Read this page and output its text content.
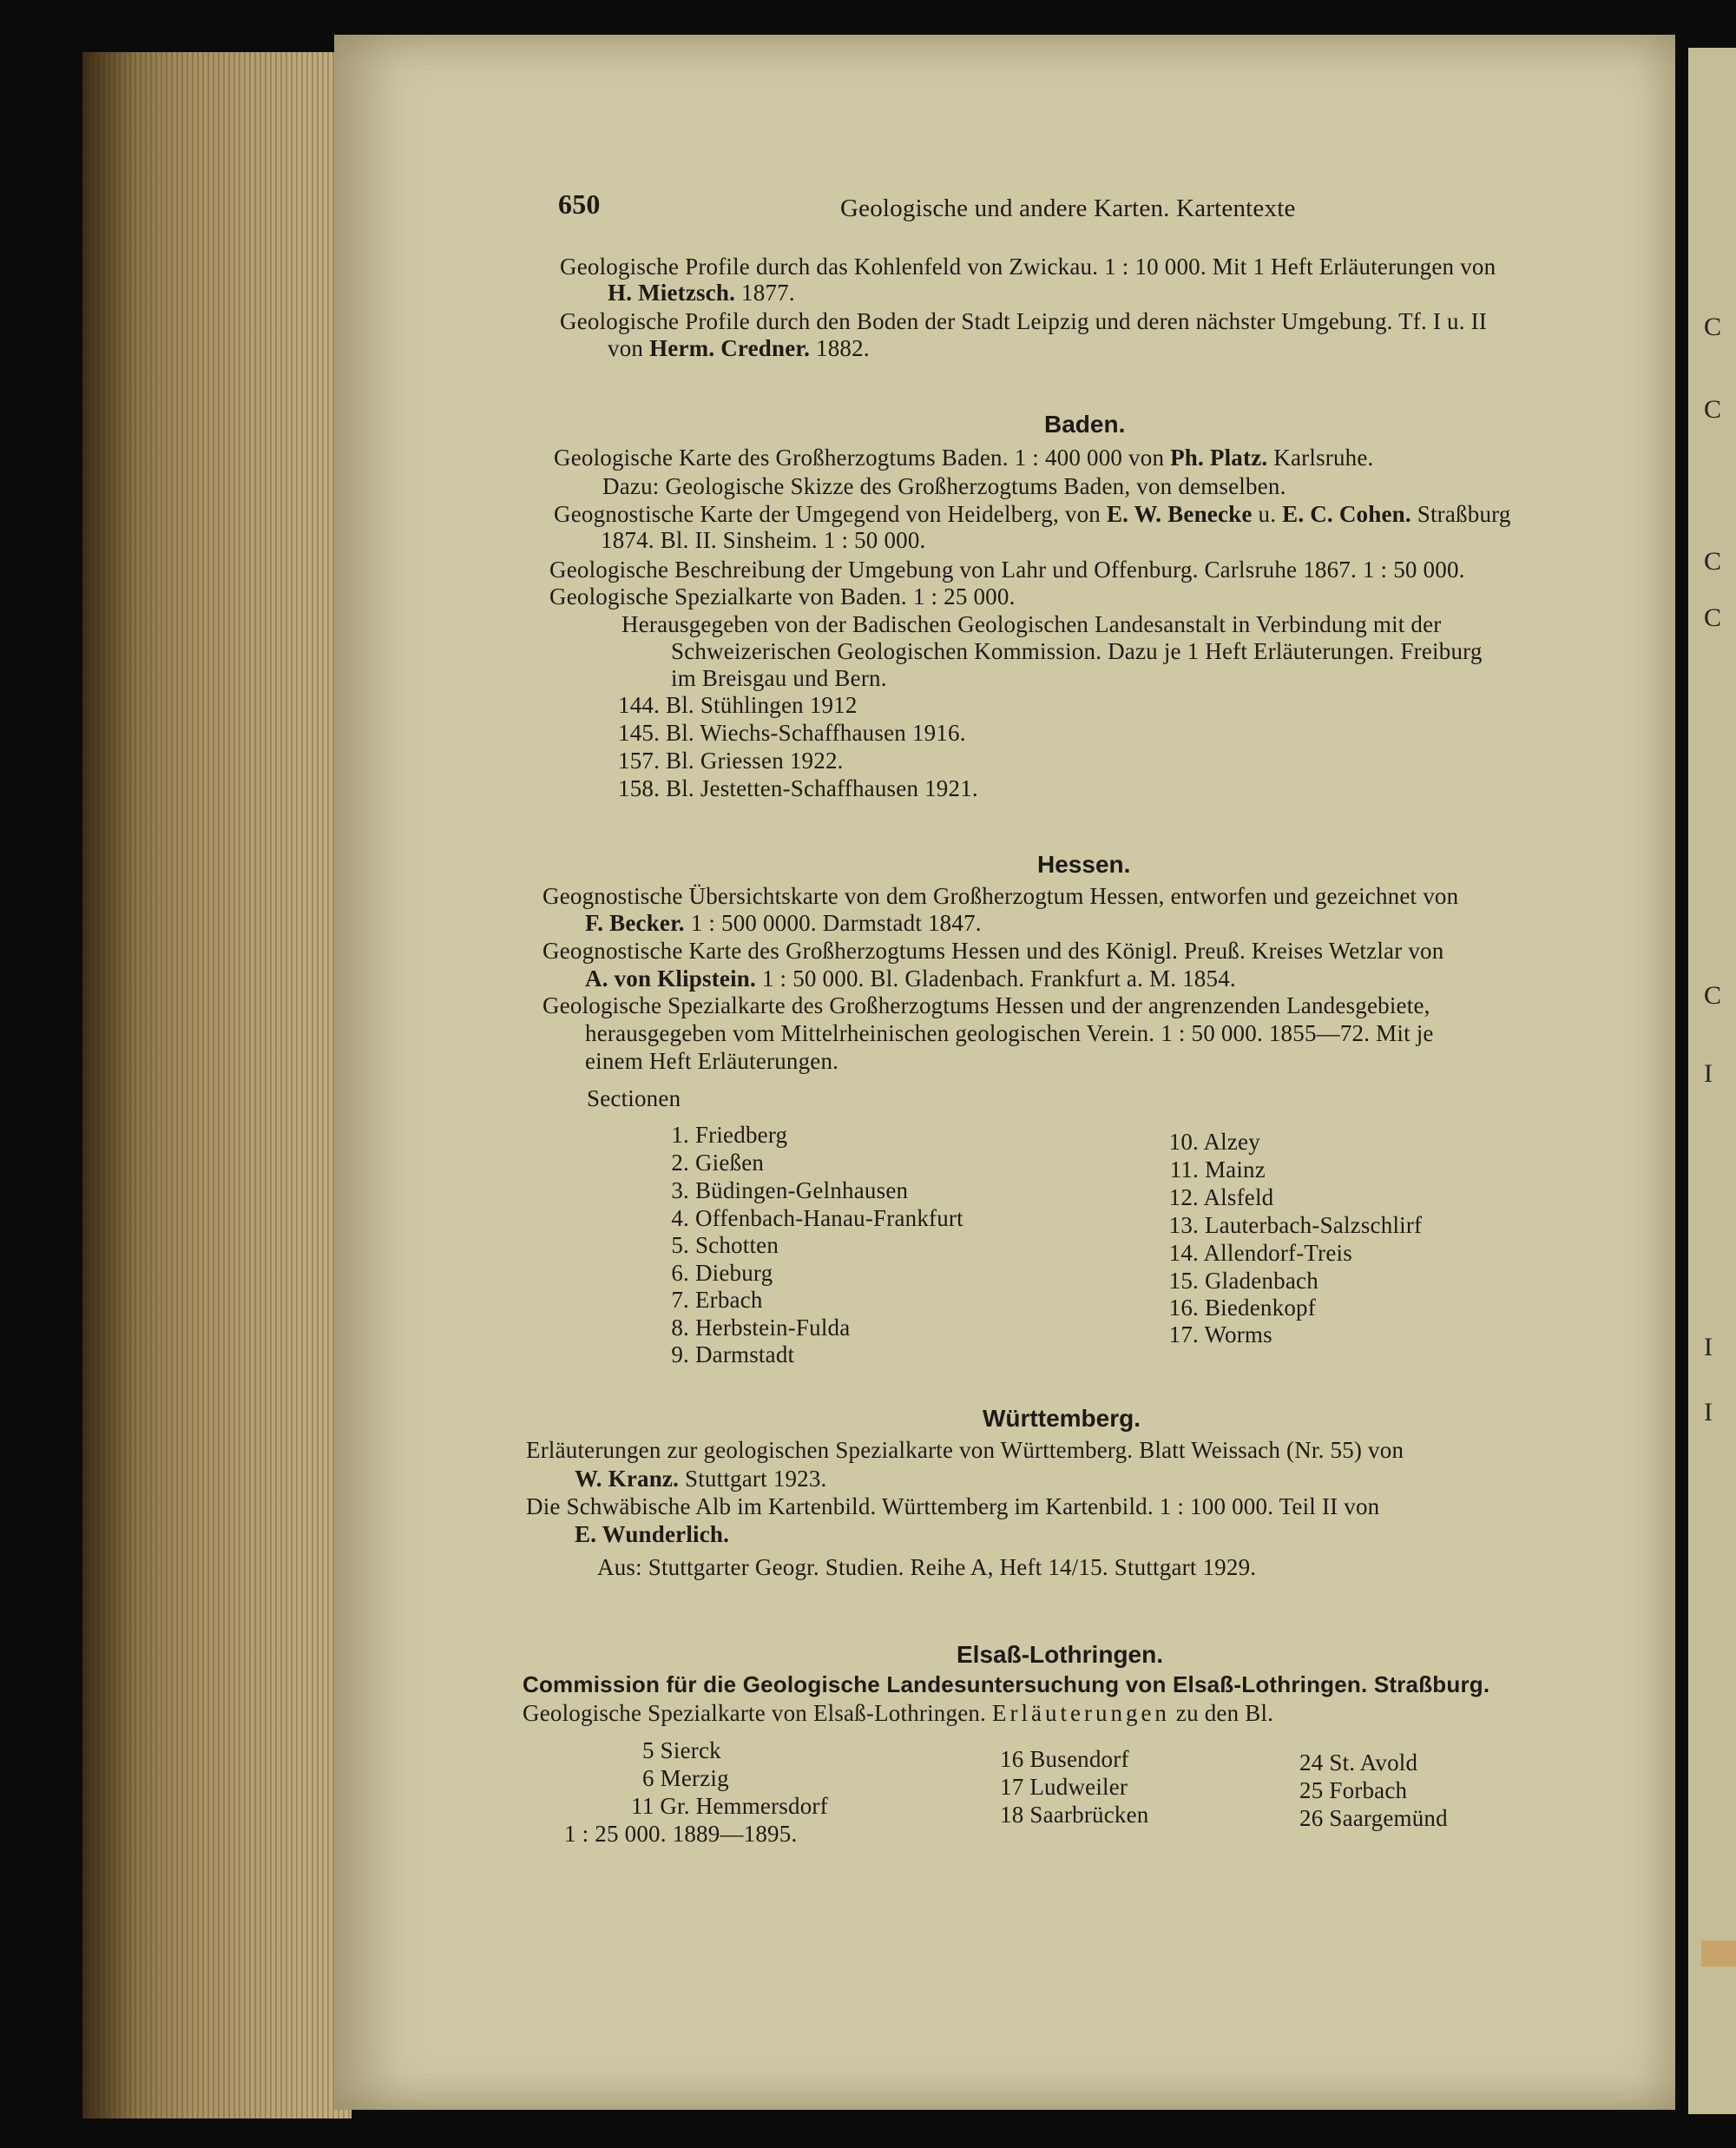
C
C
C
C
C
I
I
I
650	Geologische und andere Karten. Kartentexte
Geologische Profile durch das Kohlenfeld von Zwickau. 1 : 10 000. Mit 1 Heft Erläuterungen von
H. Mietzsch. 1877.
Geologische Profile durch den Boden der Stadt Leipzig und deren nächster Umgebung. Tf. I u. II
von Herm. Credner. 1882.
Baden.
Geologische Karte des Großherzogtums Baden. 1 : 400 000 von Ph. Platz. Karlsruhe.
Dazu: Geologische Skizze des Großherzogtums Baden, von demselben.
Geognostische Karte der Umgegend von Heidelberg, von E. W. Benecke u. E. C. Cohen. Straßburg
1874. Bl. II. Sinsheim. 1 : 50 000.
Geologische Beschreibung der Umgebung von Lahr und Offenburg. Carlsruhe 1867. 1 : 50 000.
Geologische Spezialkarte von Baden. 1 : 25 000.
Herausgegeben von der Badischen Geologischen Landesanstalt in Verbindung mit der
Schweizerischen Geologischen Kommission. Dazu je 1 Heft Erläuterungen. Freiburg
im Breisgau und Bern.
144. Bl. Stühlingen 1912
145. Bl. Wiechs-Schaffhausen 1916.
157. Bl. Griessen 1922.
158. Bl. Jestetten-Schaffhausen 1921.
Hessen.
Geognostische Übersichtskarte von dem Großherzogtum Hessen, entworfen und gezeichnet von
F. Becker. 1 : 500 0000. Darmstadt 1847.
Geognostische Karte des Großherzogtums Hessen und des Königl. Preuß. Kreises Wetzlar von
A. von Klipstein. 1 : 50 000. Bl. Gladenbach. Frankfurt a. M. 1854.
Geologische Spezialkarte des Großherzogtums Hessen und der angrenzenden Landesgebiete,
herausgegeben vom Mittelrheinischen geologischen Verein. 1 : 50 000. 1855—72. Mit je
einem Heft Erläuterungen.
Sectionen
1. Friedberg
2. Gießen
3. Büdingen-Gelnhausen
4. Offenbach-Hanau-Frankfurt
5. Schotten
6. Dieburg
7. Erbach
8. Herbstein-Fulda
9. Darmstadt
10. Alzey
11. Mainz
12. Alsfeld
13. Lauterbach-Salzschlirf
14. Allendorf-Treis
15. Gladenbach
16. Biedenkopf
17. Worms
Württemberg.
Erläuterungen zur geologischen Spezialkarte von Württemberg. Blatt Weissach (Nr. 55) von
W. Kranz. Stuttgart 1923.
Die Schwäbische Alb im Kartenbild. Württemberg im Kartenbild. 1 : 100 000. Teil II von
E. Wunderlich.
Aus: Stuttgarter Geogr. Studien. Reihe A, Heft 14/15. Stuttgart 1929.
Elsaß-Lothringen.
Commission für die Geologische Landesuntersuchung von Elsaß-Lothringen. Straßburg.
Geologische Spezialkarte von Elsaß-Lothringen. Erläuterungen zu den Bl.
5 Sierck
6 Merzig
11 Gr. Hemmersdorf
1 : 25 000. 1889—1895.
16 Busendorf
17 Ludweiler
18 Saarbrücken
24 St. Avold
25 Forbach
26 Saargemünd
